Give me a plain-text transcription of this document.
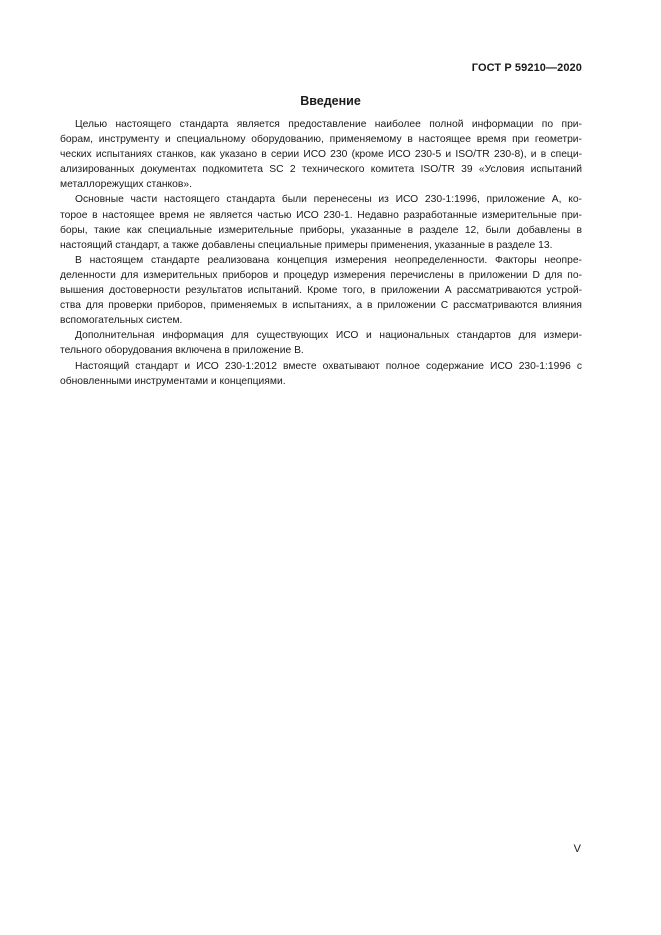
ГОСТ Р 59210—2020
Введение

Целью настоящего стандарта является предоставление наиболее полной информации по при-
борам, инструменту и специальному оборудованию, применяемому в настоящее время при геометри-
ческих испытаниях станков, как указано в серии ИСО 230 (кроме ИСО 230-5 и ISO/TR 230-8), и в специ-
ализированных документах подкомитета SC 2 технического комитета ISO/TR 39 «Условия испытаний
металлорежущих станков».

Основные части настоящего стандарта были перенесены из ИСО 230-1:1996, приложение А, ко-
торое в настоящее время не является частью ИСО 230-1. Недавно разработанные измерительные при-
боры, такие как специальные измерительные приборы, указанные в разделе 12, были добавлены в
настоящий стандарт, а также добавлены специальные примеры применения, указанные в разделе 13.

В настоящем стандарте реализована концепция измерения неопределенности. Факторы неопре-
деленности для измерительных приборов и процедур измерения перечислены в приложении D для по-
вышения достоверности результатов испытаний. Кроме того, в приложении А рассматриваются устрой-
ства для проверки приборов, применяемых в испытаниях, а в приложении С рассматриваются влияния
вспомогательных систем.

Дополнительная информация для существующих ИСО и национальных стандартов для измери-
тельного оборудования включена в приложение В.

Настоящий стандарт и ИСО 230-1:2012 вместе охватывают полное содержание ИСО 230-1:1996 с
обновленными инструментами и концепциями.

V
